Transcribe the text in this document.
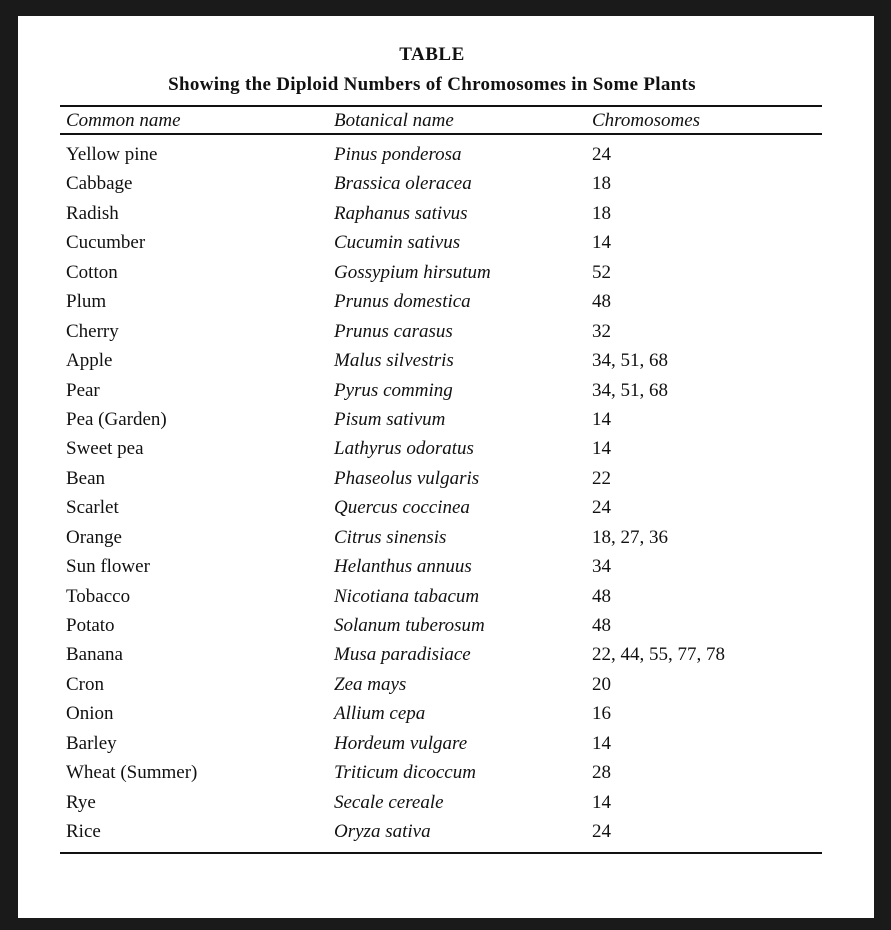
TABLE
Showing the Diploid Numbers of Chromosomes in Some Plants
Common name	Botanical name	Chromosomes
Yellow pine	Pinus ponderosa	24
Cabbage	Brassica oleracea	18
Radish	Raphanus sativus	18
Cucumber	Cucumin sativus	14
Cotton	Gossypium hirsutum	52
Plum	Prunus domestica	48
Cherry	Prunus carasus	32
Apple	Malus silvestris	34, 51, 68
Pear	Pyrus comming	34, 51, 68
Pea (Garden)	Pisum sativum	14
Sweet pea	Lathyrus odoratus	14
Bean	Phaseolus vulgaris	22
Scarlet	Quercus coccinea	24
Orange	Citrus sinensis	18, 27, 36
Sun flower	Helanthus annuus	34
Tobacco	Nicotiana tabacum	48
Potato	Solanum tuberosum	48
Banana	Musa paradisiace	22, 44, 55, 77, 78
Cron	Zea mays	20
Onion	Allium cepa	16
Barley	Hordeum vulgare	14
Wheat (Summer)	Triticum dicoccum	28
Rye	Secale cereale	14
Rice	Oryza sativa	24
